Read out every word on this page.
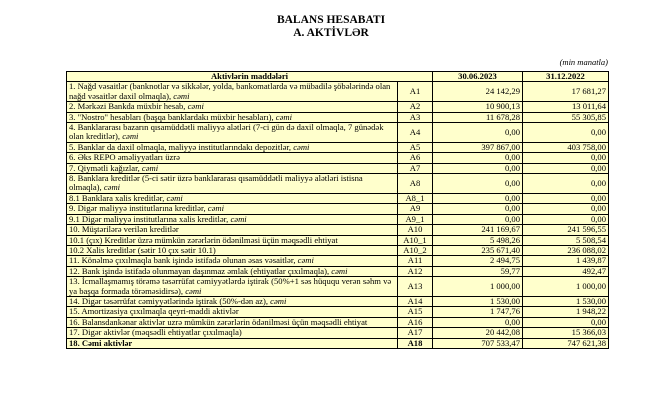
BALANS HESABATI
A. AKTİVLƏR
(min manatla)
Aktivlərin maddələri		30.06.2023	31.12.2022
1. Nağd vəsaitlər (banknotlar və sikkələr, yolda, bankomatlarda və mübadilə şöbələrində olan nağd vəsaitlər daxil olmaqla), cəmi	A1	24 142,29	17 681,27
2. Mərkəzi Bankda müxbir hesab, cəmi	A2	10 900,13	13 011,64
3. "Nostro" hesabları (başqa banklardakı müxbir hesabları), cəmi	A3	11 678,28	55 305,85
4. Banklararası bazarın qısamüddətli maliyyə alətləri (7-ci gün də daxil olmaqla, 7 günədək olan kreditlər), cəmi	A4	0,00	0,00
5. Banklar da daxil olmaqla, maliyyə institutlarındakı depozitlər, cəmi	A5	397 867,00	403 758,00
6. Əks REPO əməliyyatları üzrə	A6	0,00	0,00
7. Qiymətli kağızlar, cəmi	A7	0,00	0,00
8. Banklara kreditlər (5-ci sətir üzrə banklararası qısamüddətli maliyyə alətləri istisna olmaqla), cəmi	A8	0,00	0,00
8.1 Banklara xalis kreditlər, cəmi	A8_1	0,00	0,00
9. Digər maliyyə institutlarına kreditlər, cəmi	A9	0,00	0,00
9.1 Digər maliyyə institutlarına xalis kreditlər, cəmi	A9_1	0,00	0,00
10. Müştərilərə verilən kreditlər	A10	241 169,67	241 596,55
10.1 (çıx) Kreditlər üzrə mümkün zərərlərin ödənilməsi üçün məqsədli ehtiyat	A10_1	5 498,26	5 508,54
10.2 Xalis kreditlər (sətir 10 çıx sətir 10.1)	A10_2	235 671,40	236 088,02
11. Könəlmə çıxılmaqla bank işində istifadə olunan əsas vəsaitlər, cəmi	A11	2 494,75	1 439,87
12. Bank işində istifadə olunmayan daşınmaz əmlak (ehtiyatlar çıxılmaqla), cəmi	A12	59,77	492,47
13. İcmallaşmamış törəmə təsərrüfat cəmiyyətlərdə iştirak (50%+1 səs hüququ verən səhm və ya başqa formada törəməsidirsə), cəmi	A13	1 000,00	1 000,00
14. Digər təsərrüfat cəmiyyətlərində iştirak (50%-dən az), cəmi	A14	1 530,00	1 530,00
15. Amortizasiya çıxılmaqla qeyri-maddi aktivlər	A15	1 747,76	1 948,22
16. Balansdankənar aktivlər uzrə mümkün zərərlərin ödənilməsi üçün məqsədli ehtiyat	A16	0,00	0,00
17. Digər aktivlər (məqsədli ehtiyatlar çıxılmaqla)	A17	20 442,08	15 366,03
18. Cəmi aktivlər	A18	707 533,47	747 621,38
